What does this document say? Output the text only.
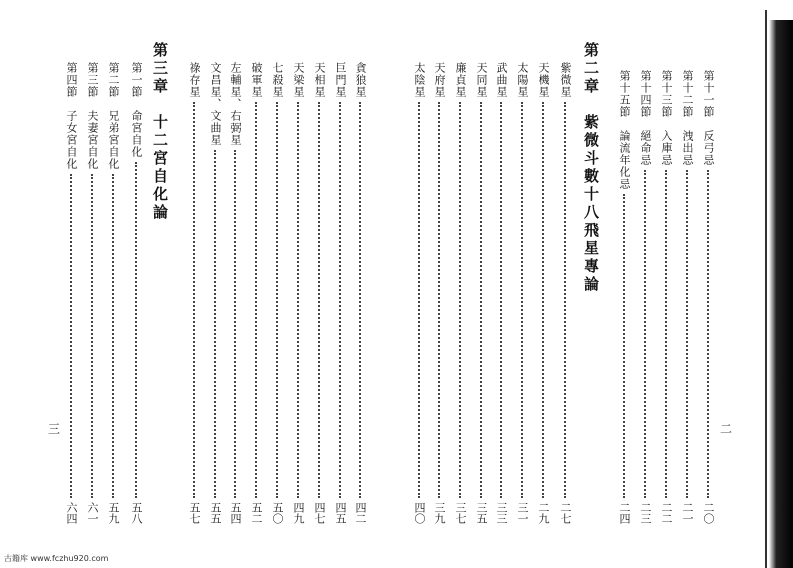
二
三
第二章　紫微斗數十八飛星專論
第三章　十二宮自化論	第十一節　反弓忌
二〇
第十二節　洩出忌
二一
第十三節　入庫忌
二二
第十四節　絕命忌
二三
第十五節　論流年化忌
二四
紫微星
二七
天機星
二九
太陽星
三一
武曲星
三三
天同星
三五
廉貞星
三七
天府星
三九
太陰星
四〇
貪狼星
四二
巨門星
四五
天相星
四七
天梁星
四九
七殺星
五〇
破軍星
五二
左輔星、右弼星
五四
文昌星、文曲星
五五
祿存星
五七
第一節　命宮自化
五八
第二節　兄弟宮自化
五九
第三節　夫妻宮自化
六一
第四節　子女宮自化
六四
古籍库 www.fczhu920.com
